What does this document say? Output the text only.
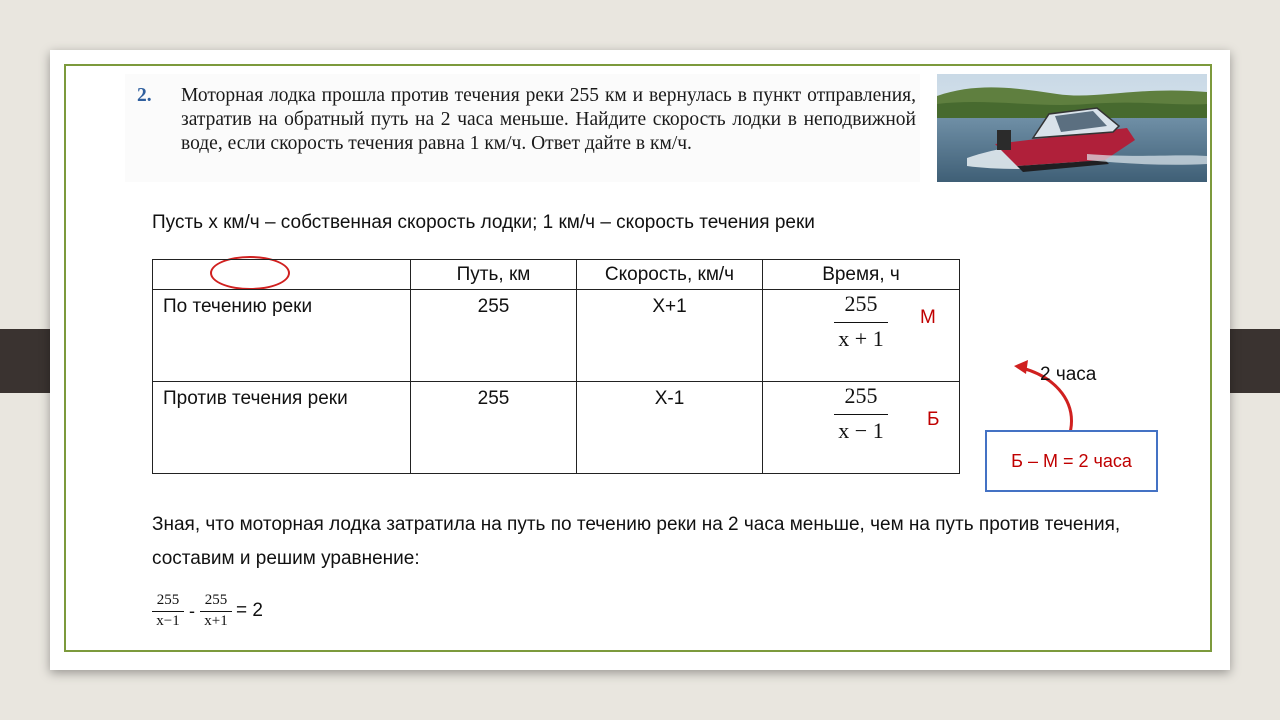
2. Моторная лодка прошла против течения реки 255 км и вернулась в пункт отправления, затратив на обратный путь на 2 часа меньше. Найдите скорость лодки в неподвижной воде, если скорость течения равна 1 км/ч. Ответ дайте в км/ч.
Пусть х км/ч – собственная скорость лодки; 1 км/ч – скорость течения реки
	Путь, км	Скорость, км/ч	Время, ч
По течению реки	255	Х+1	$\frac{255}{x + 1}$

Против течения реки	255	Х-1	$\frac{255}{x - 1}$
М
Б
2 часа
Б – М = 2 часа
Зная, что моторная лодка затратила на путь по течению реки на 2 часа меньше, чем на путь против течения, составим и решим уравнение:
255
x−1
-
255
x+1 = 2
